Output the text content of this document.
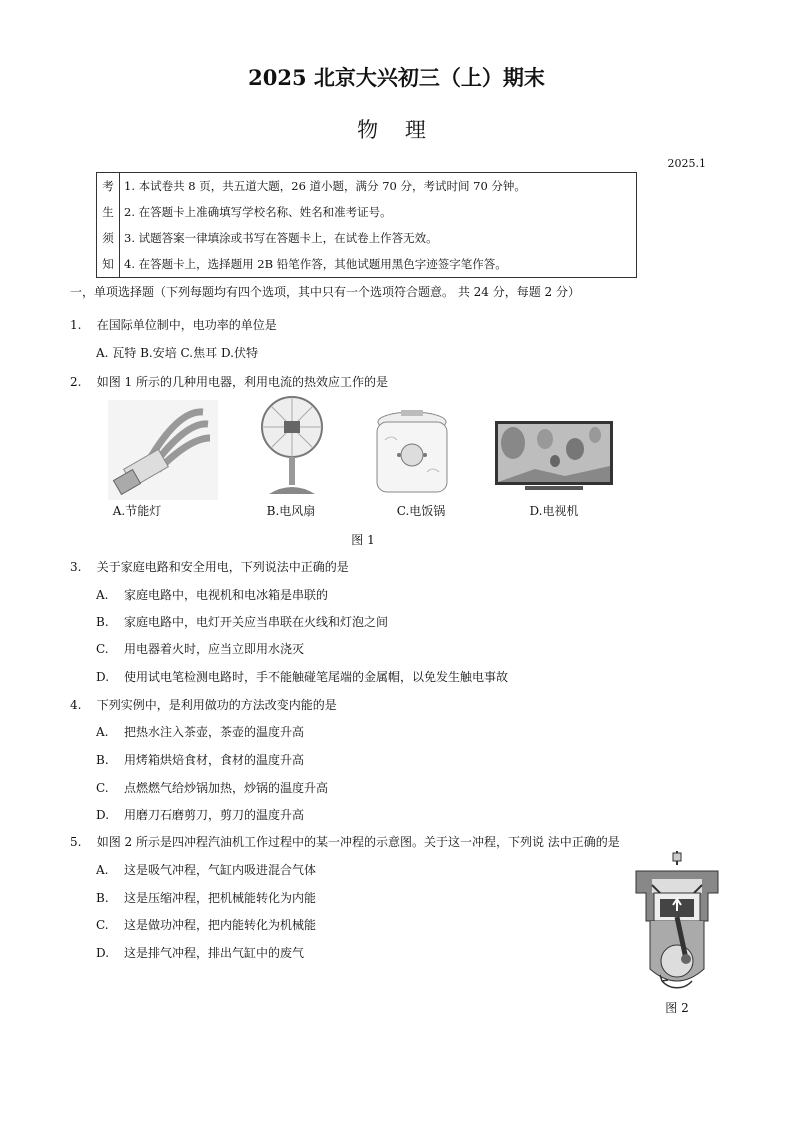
2025 北京大兴初三（上）期末
物 理
2025.1
考	1. 本试卷共 8 页，共五道大题，26 道小题，满分 70 分，考试时间 70 分钟。
生	2. 在答题卡上准确填写学校名称、姓名和准考证号。
须	3. 试题答案一律填涂或书写在答题卡上，在试卷上作答无效。
知	4. 在答题卡上，选择题用 2B 铅笔作答，其他试题用黑色字迹签字笔作答。
一，单项选择题（下列每题均有四个选项，其中只有一个选项符合题意。 共 24 分，每题 2 分）
1. 在国际单位制中，电功率的单位是
A. 瓦特 B.安培 C.焦耳 D.伏特
2. 如图 1 所示的几种用电器，利用电流的热效应工作的是
A.节能灯	B.电风扇	C.电饭锅	D.电视机
图 1
3. 关于家庭电路和安全用电，下列说法中正确的是
A. 家庭电路中，电视机和电冰箱是串联的
B. 家庭电路中，电灯开关应当串联在火线和灯泡之间
C. 用电器着火时，应当立即用水浇灭
D. 使用试电笔检测电路时，手不能触碰笔尾端的金属帽，以免发生触电事故
4. 下列实例中，是利用做功的方法改变内能的是
A. 把热水注入茶壶，茶壶的温度升高
B. 用烤箱烘焙食材，食材的温度升高
C. 点燃燃气给炒锅加热，炒锅的温度升高
D. 用磨刀石磨剪刀，剪刀的温度升高
5. 如图 2 所示是四冲程汽油机工作过程中的某一冲程的示意图。关于这一冲程，下列说 法中正确的是
A. 这是吸气冲程，气缸内吸进混合气体
B. 这是压缩冲程，把机械能转化为内能
C. 这是做功冲程，把内能转化为机械能
D. 这是排气冲程，排出气缸中的废气
图 2
